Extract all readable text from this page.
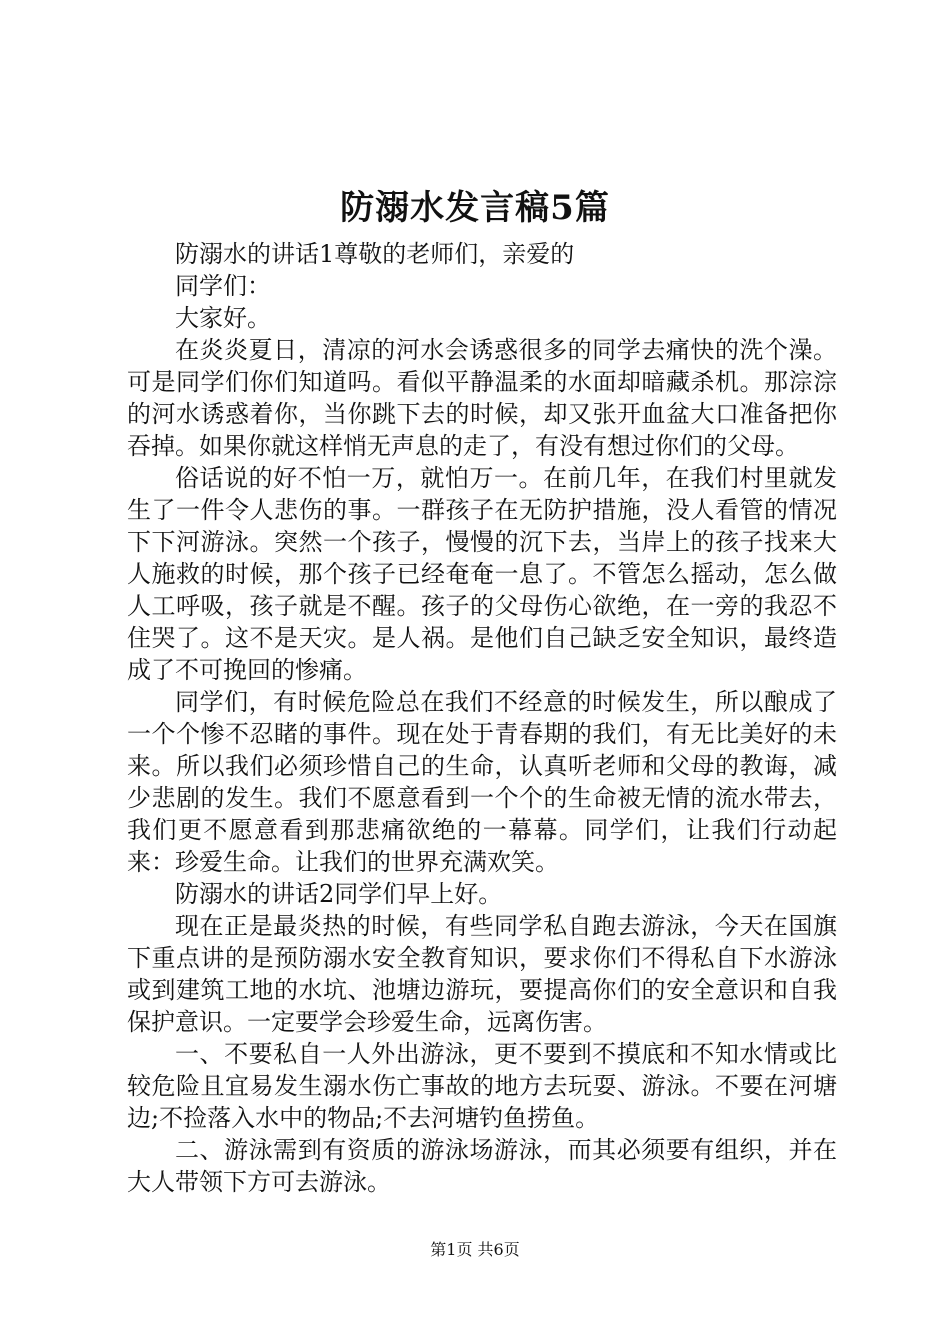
防溺水发言稿5篇

防溺水的讲话1尊敬的老师们，亲爱的

同学们：

大家好。

在炎炎夏日，清凉的河水会诱惑很多的同学去痛快的洗个澡。可是同学们你们知道吗。看似平静温柔的水面却暗藏杀机。那淙淙的河水诱惑着你，当你跳下去的时候，却又张开血盆大口准备把你吞掉。如果你就这样悄无声息的走了，有没有想过你们的父母。

俗话说的好不怕一万，就怕万一。在前几年，在我们村里就发生了一件令人悲伤的事。一群孩子在无防护措施，没人看管的情况下下河游泳。突然一个孩子，慢慢的沉下去，当岸上的孩子找来大人施救的时候，那个孩子已经奄奄一息了。不管怎么摇动，怎么做人工呼吸，孩子就是不醒。孩子的父母伤心欲绝，在一旁的我忍不住哭了。这不是天灾。是人祸。是他们自己缺乏安全知识，最终造成了不可挽回的惨痛。

同学们，有时候危险总在我们不经意的时候发生，所以酿成了一个个惨不忍睹的事件。现在处于青春期的我们，有无比美好的未来。所以我们必须珍惜自己的生命，认真听老师和父母的教诲，减少悲剧的发生。我们不愿意看到一个个的生命被无情的流水带去，我们更不愿意看到那悲痛欲绝的一幕幕。同学们，让我们行动起来：珍爱生命。让我们的世界充满欢笑。

防溺水的讲话2同学们早上好。

现在正是最炎热的时候，有些同学私自跑去游泳，今天在国旗下重点讲的是预防溺水安全教育知识，要求你们不得私自下水游泳或到建筑工地的水坑、池塘边游玩，要提高你们的安全意识和自我保护意识。一定要学会珍爱生命，远离伤害。

一、不要私自一人外出游泳，更不要到不摸底和不知水情或比较危险且宜易发生溺水伤亡事故的地方去玩耍、游泳。不要在河塘边;不捡落入水中的物品;不去河塘钓鱼捞鱼。

二、游泳需到有资质的游泳场游泳，而其必须要有组织，并在大人带领下方可去游泳。

第1页 共6页
